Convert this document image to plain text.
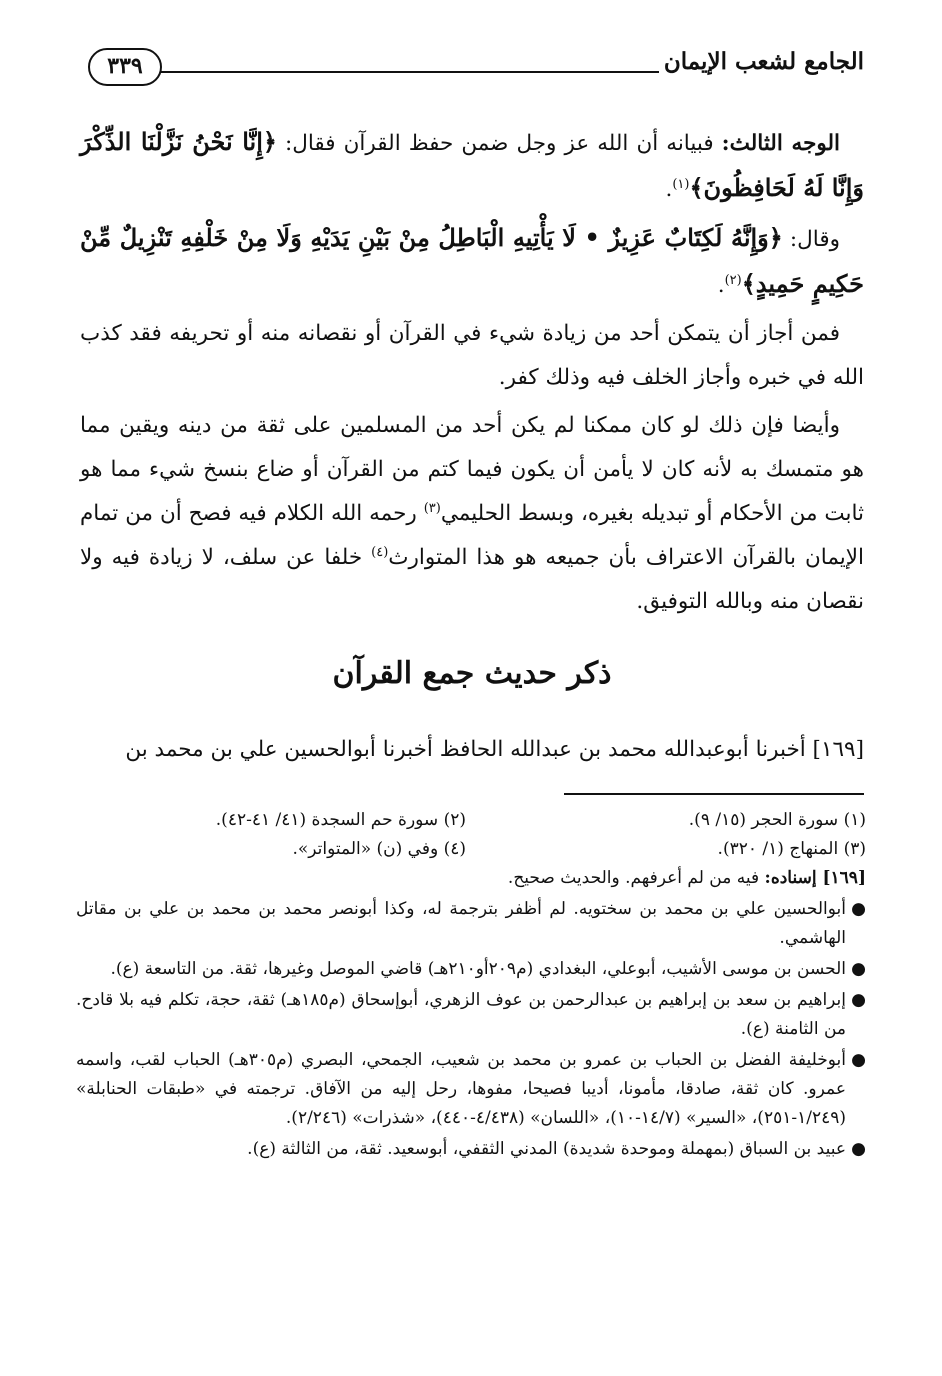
الجامع لشعب الإيمان
٣٣٩

الوجه الثالث: فبيانه أن الله عز وجل ضمن حفظ القرآن فقال: ﴿إِنَّا نَحْنُ نَزَّلْنَا الذِّكْرَ وَإِنَّا لَهُ لَحَافِظُونَ﴾$^{(١)}$.

وقال: ﴿وَإِنَّهُ لَكِتَابٌ عَزِيزٌ • لَا يَأْتِيهِ الْبَاطِلُ مِنْ بَيْنِ يَدَيْهِ وَلَا مِنْ خَلْفِهِ تَنْزِيلٌ مِّنْ حَكِيمٍ حَمِيدٍ﴾$^{(٢)}$.

فمن أجاز أن يتمكن أحد من زيادة شيء في القرآن أو نقصانه منه أو تحريفه فقد كذب الله في خبره وأجاز الخلف فيه وذلك كفر.

وأيضا فإن ذلك لو كان ممكنا لم يكن أحد من المسلمين على ثقة من دينه ويقين مما هو متمسك به لأنه كان لا يأمن أن يكون فيما كتم من القرآن أو ضاع بنسخ شيء مما هو ثابت من الأحكام أو تبديله بغيره، وبسط الحليمي$^{(٣)}$ رحمه الله الكلام فيه فصح أن من تمام الإيمان بالقرآن الاعتراف بأن جميعه هو هذا المتوارث$^{(٤)}$ خلفا عن سلف، لا زيادة فيه ولا نقصان منه وبالله التوفيق.

ذكر حديث جمع القرآن
[١٦٩] أخبرنا أبوعبدالله محمد بن عبدالله الحافظ أخبرنا أبوالحسين علي بن محمد بن
(١) سورة الحجر (١٥/ ٩).
(٢) سورة حم السجدة (٤١/ ٤١-٤٢).
(٣) المنهاج (١/ ٣٢٠).
(٤) وفي (ن) «المتواتر».
[١٦٩] إسناده: فيه من لم أعرفهم. والحديث صحيح.
●
أبوالحسين علي بن محمد بن سختويه. لم أظفر بترجمة له، وكذا أبونصر محمد بن محمد بن علي بن مقاتل الهاشمي.
●
الحسن بن موسى الأشيب، أبوعلي، البغدادي (م٢٠٩أو٢١٠هـ) قاضي الموصل وغيرها، ثقة. من التاسعة (ع).
●
إبراهيم بن سعد بن إبراهيم بن عبدالرحمن بن عوف الزهري، أبوإسحاق (م١٨٥هـ) ثقة، حجة، تكلم فيه بلا قادح. من الثامنة (ع).
●
أبوخليفة الفضل بن الحباب بن عمرو بن محمد بن شعيب، الجمحي، البصري (م٣٠٥هـ) الحباب لقب، واسمه عمرو. كان ثقة، صادقا، مأمونا، أديبا فصيحا، مفوها، رحل إليه من الآفاق. ترجمته في «طبقات الحنابلة» (١/٢٤٩-٢٥١)، «السير» (١٤/٧-١٠)، «اللسان» (٤/٤٣٨-٤٤٠)، «شذرات» (٢/٢٤٦).
●
عبيد بن السباق (بمهملة وموحدة شديدة) المدني الثقفي، أبوسعيد. ثقة، من الثالثة (ع).
